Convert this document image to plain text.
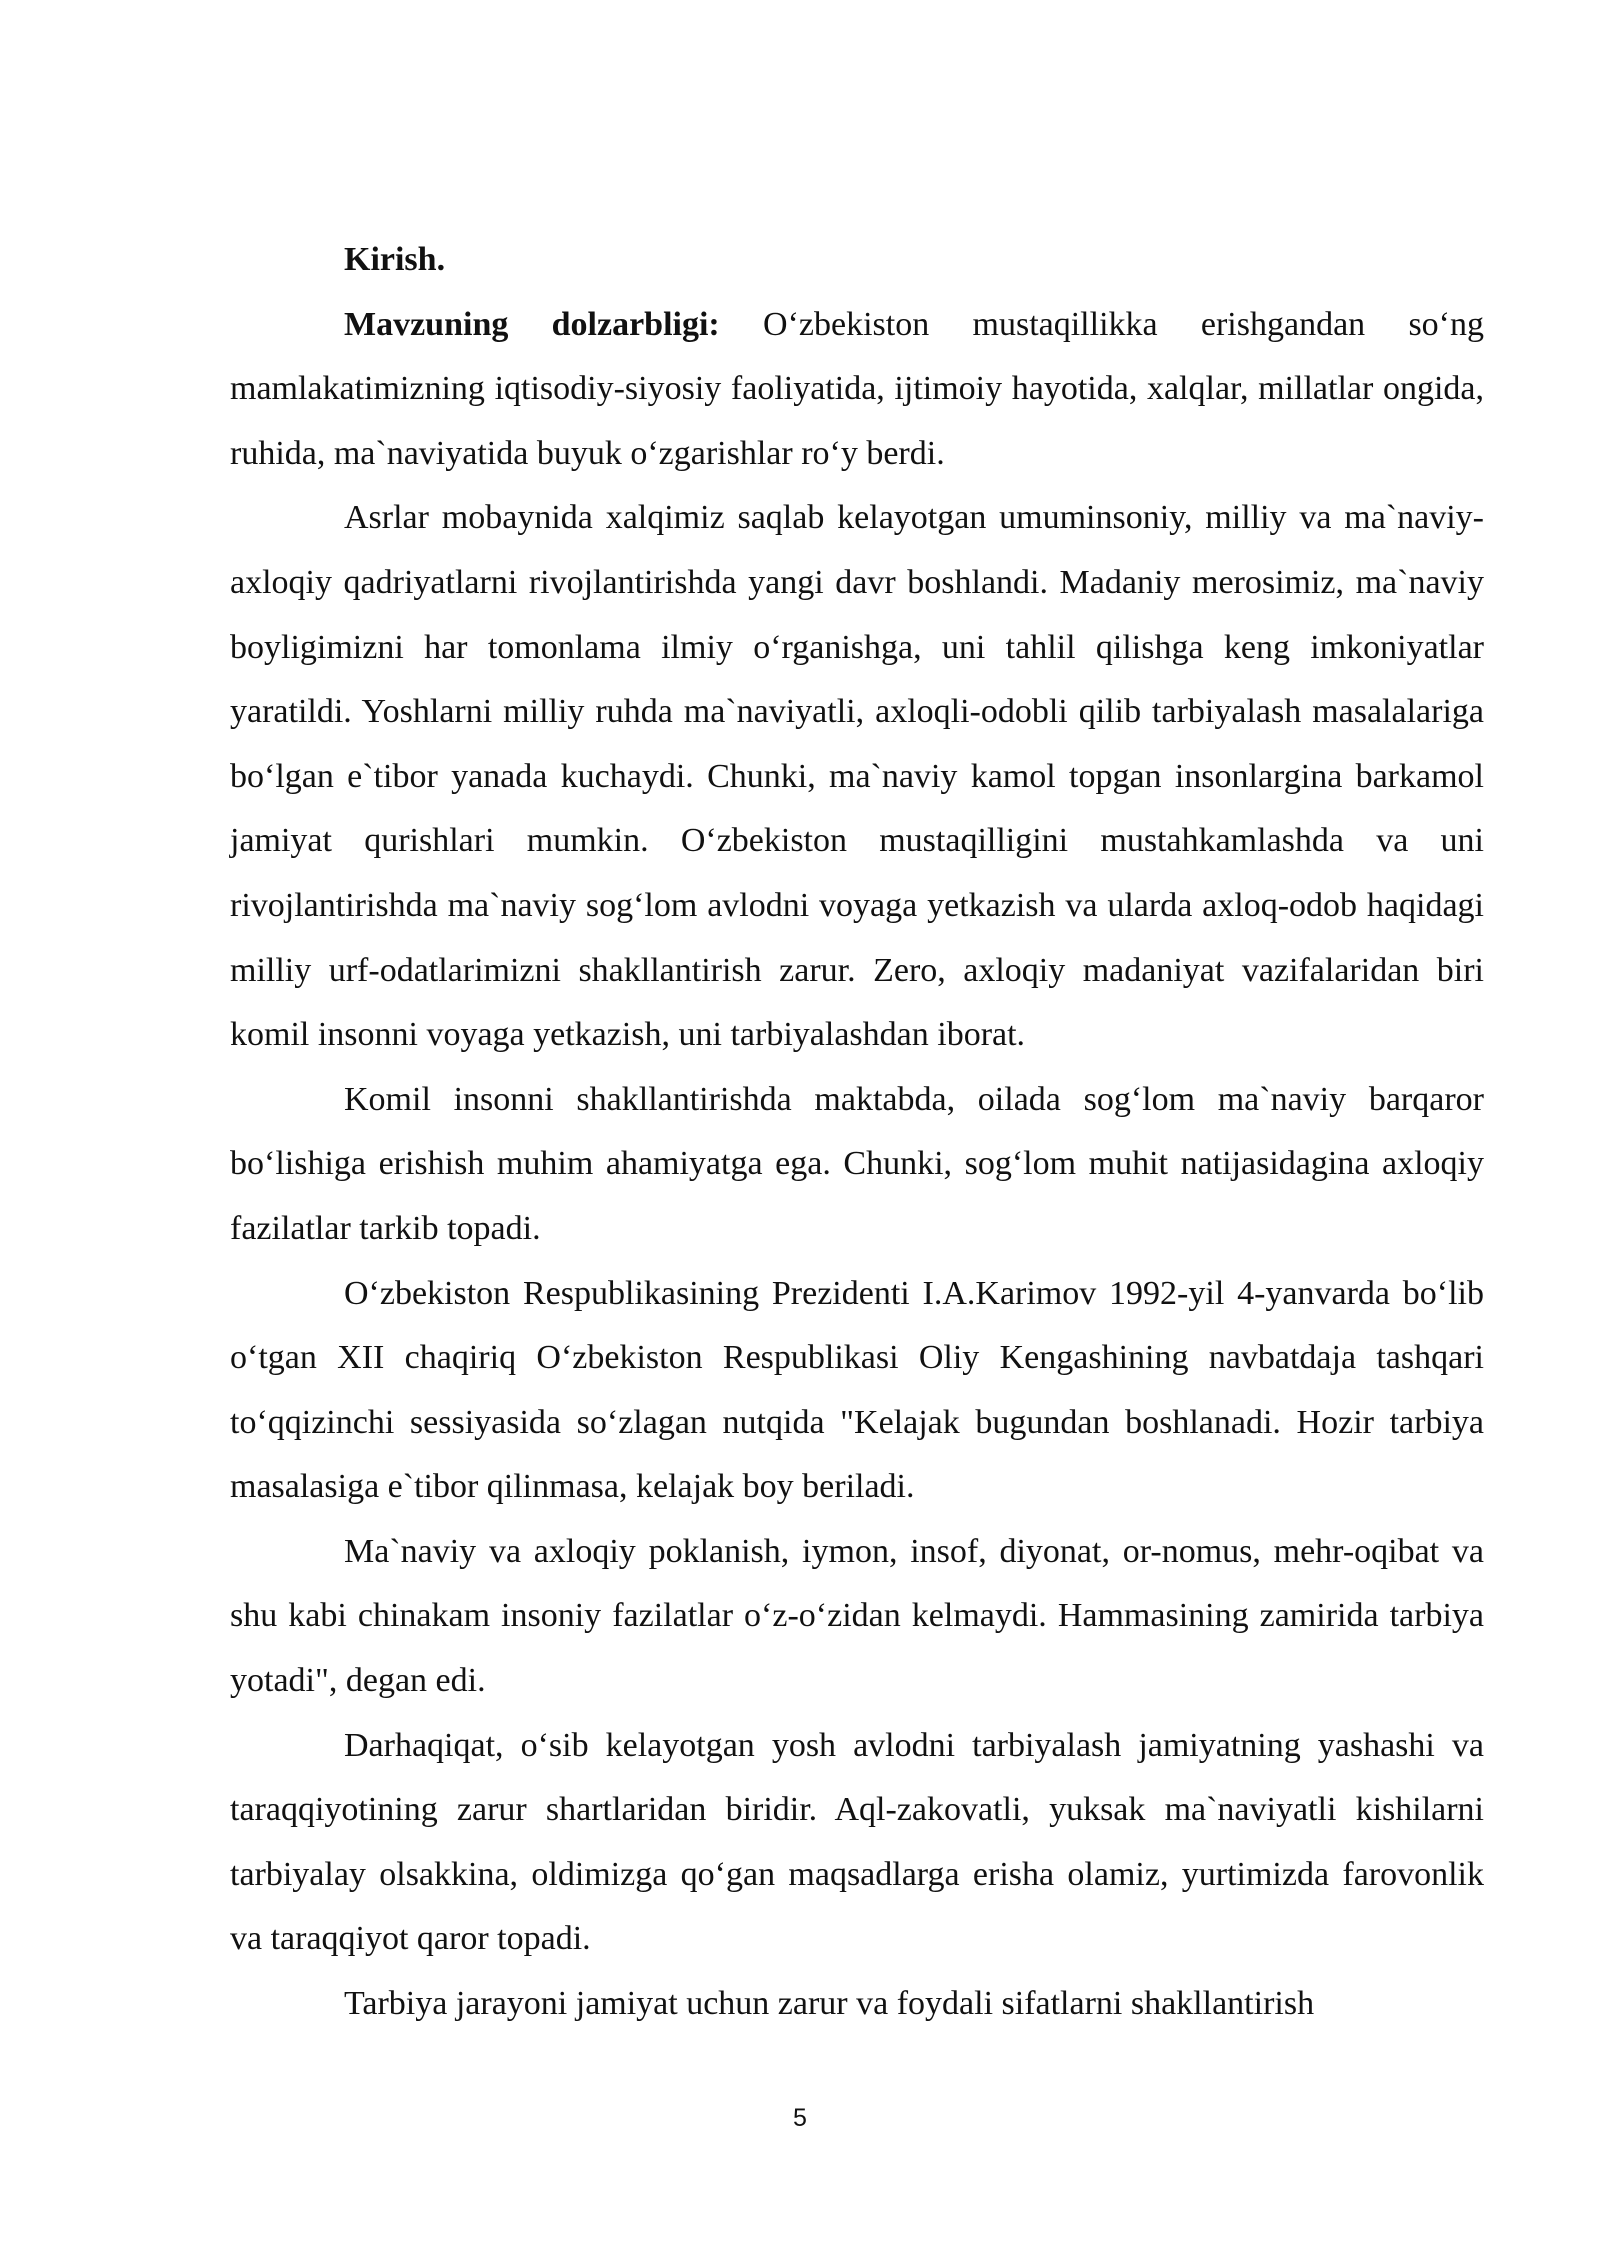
Kirish.

Mavzuning dolzarbligi: O‘zbekiston mustaqillikka erishgandan so‘ng mamlakatimizning iqtisodiy-siyosiy faoliyatida, ijtimoiy hayotida, xalqlar, millatlar ongida, ruhida, ma`naviyatida buyuk o‘zgarishlar ro‘y berdi.

Asrlar mobaynida xalqimiz saqlab kelayotgan umuminsoniy, milliy va ma`naviy-axloqiy qadriyatlarni rivojlantirishda yangi davr boshlandi. Madaniy merosimiz, ma`naviy boyligimizni har tomonlama ilmiy o‘rganishga, uni tahlil qilishga keng imkoniyatlar yaratildi. Yoshlarni milliy ruhda ma`naviyatli, axloqli-odobli qilib tarbiyalash masalalariga bo‘lgan e`tibor yanada kuchaydi. Chunki, ma`naviy kamol topgan insonlargina barkamol jamiyat qurishlari mumkin. O‘zbekiston mustaqilligini mustahkamlashda va uni rivojlantirishda ma`naviy sog‘lom avlodni voyaga yetkazish va ularda axloq-odob haqidagi milliy urf-odatlarimizni shakllantirish zarur. Zero, axloqiy madaniyat vazifalaridan biri komil insonni voyaga yetkazish, uni tarbiyalashdan iborat.

Komil insonni shakllantirishda maktabda, oilada sog‘lom ma`naviy barqaror bo‘lishiga erishish muhim ahamiyatga ega. Chunki, sog‘lom muhit natijasidagina axloqiy fazilatlar tarkib topadi.

O‘zbekiston Respublikasining Prezidenti I.A.Karimov 1992-yil 4-yanvarda bo‘lib o‘tgan XII chaqiriq O‘zbekiston Respublikasi Oliy Kengashining navbatdaja tashqari to‘qqizinchi sessiyasida so‘zlagan nutqida "Kelajak bugundan boshlanadi. Hozir tarbiya masalasiga e`tibor qilinmasa, kelajak boy beriladi.

Ma`naviy va axloqiy poklanish, iymon, insof, diyonat, or-nomus, mehr-oqibat va shu kabi chinakam insoniy fazilatlar o‘z-o‘zidan kelmaydi. Hammasining zamirida tarbiya yotadi", degan edi.

Darhaqiqat, o‘sib kelayotgan yosh avlodni tarbiyalash jamiyatning yashashi va taraqqiyotining zarur shartlaridan biridir. Aql-zakovatli, yuksak ma`naviyatli kishilarni tarbiyalay olsakkina, oldimizga qo‘gan maqsadlarga erisha olamiz, yurtimizda farovonlik va taraqqiyot qaror topadi.

Tarbiya jarayoni jamiyat uchun zarur va foydali sifatlarni shakllantirish

5
